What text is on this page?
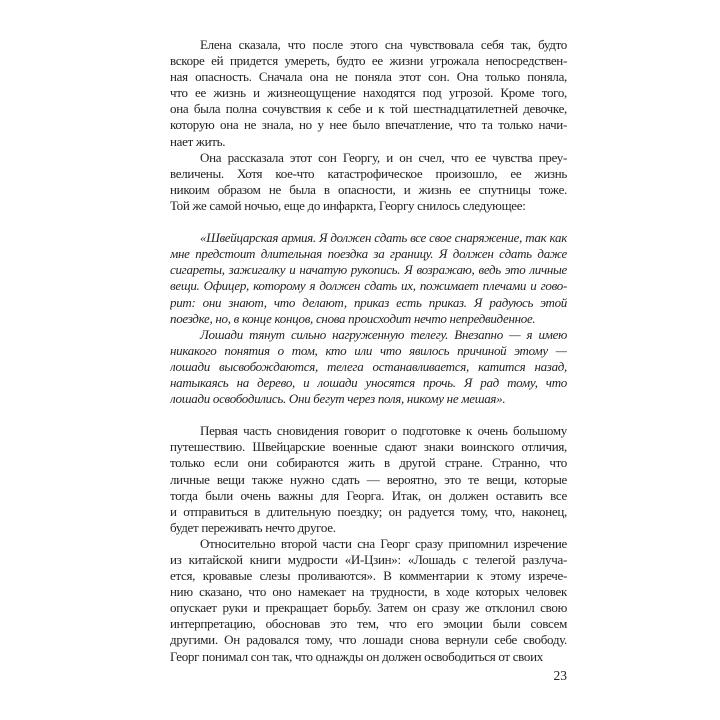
Елена сказала, что после этого сна чувствовала себя так, будто
вскоре ей придется умереть, будто ее жизни угрожала непосредствен-
ная опасность. Сначала она не поняла этот сон. Она только поняла,
что ее жизнь и жизнеощущение находятся под угрозой. Кроме того,
она была полна сочувствия к себе и к той шестнадцатилетней девочке,
которую она не знала, но у нее было впечатление, что та только начи-
нает жить.
Она рассказала этот сон Георгу, и он счел, что ее чувства преу-
величены. Хотя кое-что катастрофическое произошло, ее жизнь
никоим образом не была в опасности, и жизнь ее спутницы тоже.
Той же самой ночью, еще до инфаркта, Георгу снилось следующее:
«Швейцарская армия. Я должен сдать все свое снаряжение, так как
мне предстоит длительная поездка за границу. Я должен сдать даже
сигареты, зажигалку и начатую рукопись. Я возражаю, ведь это личные
вещи. Офицер, которому я должен сдать их, пожимает плечами и гово-
рит: они знают, что делают, приказ есть приказ. Я радуюсь этой
поездке, но, в конце концов, снова происходит нечто непредвиденное.
Лошади тянут сильно нагруженную телегу. Внезапно — я имею
никакого понятия о том, кто или что явилось причиной этому —
лошади высвобождаются, телега останавливается, катится назад,
натыкаясь на дерево, и лошади уносятся прочь. Я рад тому, что
лошади освободились. Они бегут через поля, никому не мешая».
Первая часть сновидения говорит о подготовке к очень большому
путешествию. Швейцарские военные сдают знаки воинского отличия,
только если они собираются жить в другой стране. Странно, что
личные вещи также нужно сдать — вероятно, это те вещи, которые
тогда были очень важны для Георга. Итак, он должен оставить все
и отправиться в длительную поездку; он радуется тому, что, наконец,
будет переживать нечто другое.
Относительно второй части сна Георг сразу припомнил изречение
из китайской книги мудрости «И-Цзин»: «Лошадь с телегой разлуча-
ется, кровавые слезы проливаются». В комментарии к этому изрече-
нию сказано, что оно намекает на трудности, в ходе которых человек
опускает руки и прекращает борьбу. Затем он сразу же отклонил свою
интерпретацию, обосновав это тем, что его эмоции были совсем
другими. Он радовался тому, что лошади снова вернули себе свободу.
Георг понимал сон так, что однажды он должен освободиться от своих
23
